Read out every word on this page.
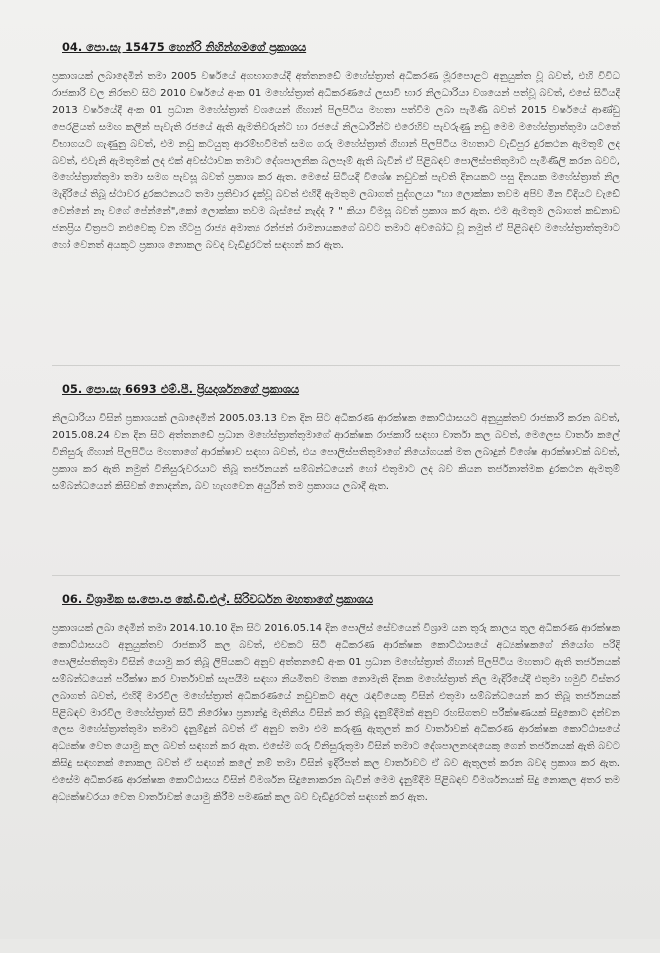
04. පො.සැ 15475 හෙන්රි නිහින්ගමගේ ප්‍රකාශය

ප්‍රකාශයක් ලබාදෙමින් තමා 2005 වර්ෂයේ අගභාගයේදී අත්තනඩේ මහේස්ත්‍රාත් අධිකරණ මූරපොළට අනුයුක්ත වූ බවත්, එහි විවිධ රාජකාරි වල නිරතව සිට 2010 වර්ෂයේ අංක 01 මහේස්ත්‍රාත් අධිකරණයේ ලසාවි භාර නිලධාරියා වශයෙන් පත්වූ බවත්, එසේ සිටියදී 2013 වර්ෂයේදී අංක 01 ප්‍රධාන මහේස්ත්‍රාත් වශයෙන් ගිහාන් පිලපිටිය මහතා පත්වීම ලබා පැමිණි බවත් 2015 වර්ෂයේ ආණ්ඩු පෙරළියත් සමඟ කලින් පැවැති රජයේ ඇති ඇමතිවරුන්ට හා රජයේ නිලධාරීන්ට එරෙහිව පැවරුණු නඩු මෙම මහේස්ත්‍රාත්තුමා යටතේ විභාගයට ගැණුනු බවත්, එම නඩු කටයුතු ආරම්භවීමත් සමග ගරු මහේස්ත්‍රාත් ගිහාන් පිලපිටිය මහතාට වැඩිපුර දුරකථන ඇමතුම් ලද බවත්, එවැනි ඇමතුමක් ලද එක් අවස්ථාවක තමාට දේශපාලනික බලපෑම් ඇති බැවින් ඒ පිළිබඳව පොලිස්පතිතුමාට පැමිණිලි කරන බවට, මහේස්ත්‍රාත්තුමා තමා සමග පැවසූ බවත් ප්‍රකාශ කර ඇත. මෙසේ සිටියදී විශේෂ නඩුවක් පැවති දිනයකට පසු දිනයක මහේස්ත්‍රාත් නිල මැදිරියේ තිබූ ස්ථාවර දුරකථනයට තමා ප්‍රතිචාර දැක්වූ බවත් එහිදී ඇමතුම ලබාගත් පුද්ගලයා "හා ලොක්කා තවම අපිව මීන විදියට වැඩේ වෙන්නේ නෑ වගේ පේන්නේ",කෝ ලොක්කා තවම බැස්සේ නැද්ද ? " කියා විමසූ බවත් ප්‍රකාශ කර ඇත. එම ඇමතුම ලබාගත් කඩනාඩ ජනප්‍රිය චිත්‍රපට නළුවෙකු වන හිටපු රාජ්‍ය අමාත්‍ය රන්ජන් රාමනායකගේ බවට තමාට අවබෝධ වූ නමුත් ඒ පිළිබඳව මහේස්ත්‍රාත්තුමාට හෝ වෙනත් අයකුට ප්‍රකාශ නොකල බවද වැඩිදුරටත් සඳහන් කර ඇත.

05. පො.සැ 6693 එම්.පී. ප්‍රියදර්ශනගේ ප්‍රකාශය

නිලධාරියා විසින් ප්‍රකාශයක් ලබාදෙමින් 2005.03.13 වන දින සිට අධිකරණ ආරක්ෂක කොට්ඨාසයට අනුයුක්තව රාජකාරි කරන බවත්, 2015.08.24 වන දින සිට අත්තනඩේ ප්‍රධාන මහේස්ත්‍රාත්තුමාගේ ආරක්ෂක රාජකාරි සඳහා වාර්තා කල බවත්, මෙලෙස වාර්තා කලේ විනිසුරු ගිහාන් පිලපිටිය මහතාගේ ආරක්ෂාව සඳහා බවත්, එය පොලිස්පතිතුමාගේ නියෝගයක් මත ලබාදුන් විශේෂ ආරක්ෂාවක් බවත්, ප්‍රකාශ කර ඇති නමුත් විනිසුරුවරයාට තිබූ තර්ජනයන් සම්බන්ධයෙන් හෝ එතුමාට ලද බව කියන තර්ජනාත්මක දුරකථන ඇමතුම් සම්බන්ධයෙන් කිසිවක් නොදන්න, බව හැඟවෙන අයුරින් තම ප්‍රකාශය ලබාදී ඇත.

06. විශ්‍රාමික ස.පො.ප කේ.ඩී.එල්. සිරිවර්ධන මහතාගේ ප්‍රකාශය

ප්‍රකාශයක් ලබා දෙමින් තමා 2014.10.10 දින සිට 2016.05.14 දින පොලිස් සේවයෙන් විශ්‍රාම යන තුරු කාලය තුල අධිකරණ ආරක්ෂක කොට්ඨාසයට අනුයුක්තව රාජකාරි කල බවත්, එවකට සිටි අධිකරණ ආරක්ෂක කොට්ඨාසයේ අධ්‍යක්ෂකගේ නියෝග පරිදි පොලිස්පතිතුමා විසින් යොමු කර තිබූ ලිපියකට අනුව අත්තනඩේ අංක 01 ප්‍රධාන මහේස්ත්‍රාත් ගිහාන් පිලපිටිය මහතාට ඇති තර්ජනයක් සම්බන්ධයෙන් පරීක්ෂා කර වාර්තාවක් සැපයීම සඳහා නියමිතව මතක නොමැති දිනක මහේස්ත්‍රාත් නිල මැදිරියේදී එතුමා හමුවී විස්තර ලබාගත් බවත්, එහිදී මාරවිල මහේස්ත්‍රාත් අධිකරණයේ නඩුවකට අදාල රැඳවියෙකු විසින් එතුමා සම්බන්ධයෙන් කර තිබූ තර්ජනයක් පිළිබඳව මාරවිල මහේස්ත්‍රාත් සිටි නිරෝෂා ප්‍රනාන්දු මැතිනිය විසින් කර තිබූ දැනුම්දීමක් අනුව රහසිගතව පරීක්ෂණයක් සිදුකොට දන්වන ලෙස මහේස්ත්‍රාත්තුමා තමාට දැනුම්දුන් බවත් ඒ අනුව තමා එම කරුණු ඇතුලත් කර වාර්තාවක් අධිකරණ ආරක්ෂක කොට්ඨාසයේ අධ්‍යක්ෂ වෙත යොමු කල බවත් සඳහන් කර ඇත. එසේම ගරු විනිසුරුතුමා විසින් තමාට දේශපාලනඥයෙකු ගෙන් තර්ජනයක් ඇති බවට කිසිදු සඳහනක් නොකල බවත් ඒ සඳහන් කලේ නම් තමා විසින් ඉදිරිපත් කල වාර්තාවට ඒ බව ඇතුලත් කරන බවද ප්‍රකාශ කර ඇත. එසේම අධිකරණ ආරක්ෂක කොට්ඨාසය විසින් විමර්ශන සිදුනොකරන බැවින් මෙම දැනුම්දීම පිළිබඳව විමර්ශනයක් සිදු නොකල අතර තම අධ්‍යක්ෂවරයා වෙත වාර්තාවක් යොමු කිරීම පමණක් කල බව වැඩිදුරටත් සඳහන් කර ඇත.
